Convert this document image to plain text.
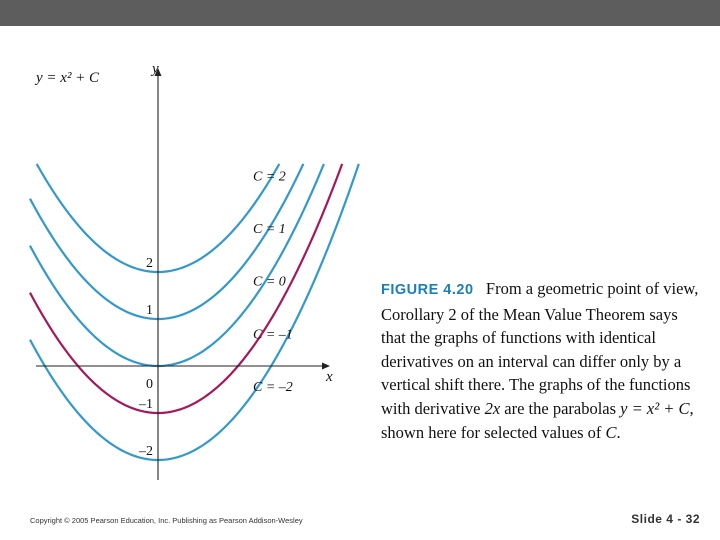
C = 2
C = 1
C = 0
C = –1
C = –2
x
y
2
1
0
–1
–2
y = x² + C
FIGURE 4.20 From a geometric point of view, Corollary 2 of the Mean Value Theorem says that the graphs of functions with identical derivatives on an interval can differ only by a vertical shift there. The graphs of the functions with derivative 2x are the parabolas y = x² + C, shown here for selected values of C.
Copyright © 2005 Pearson Education, Inc. Publishing as Pearson Addison-Wesley	Slide 4 - 32
